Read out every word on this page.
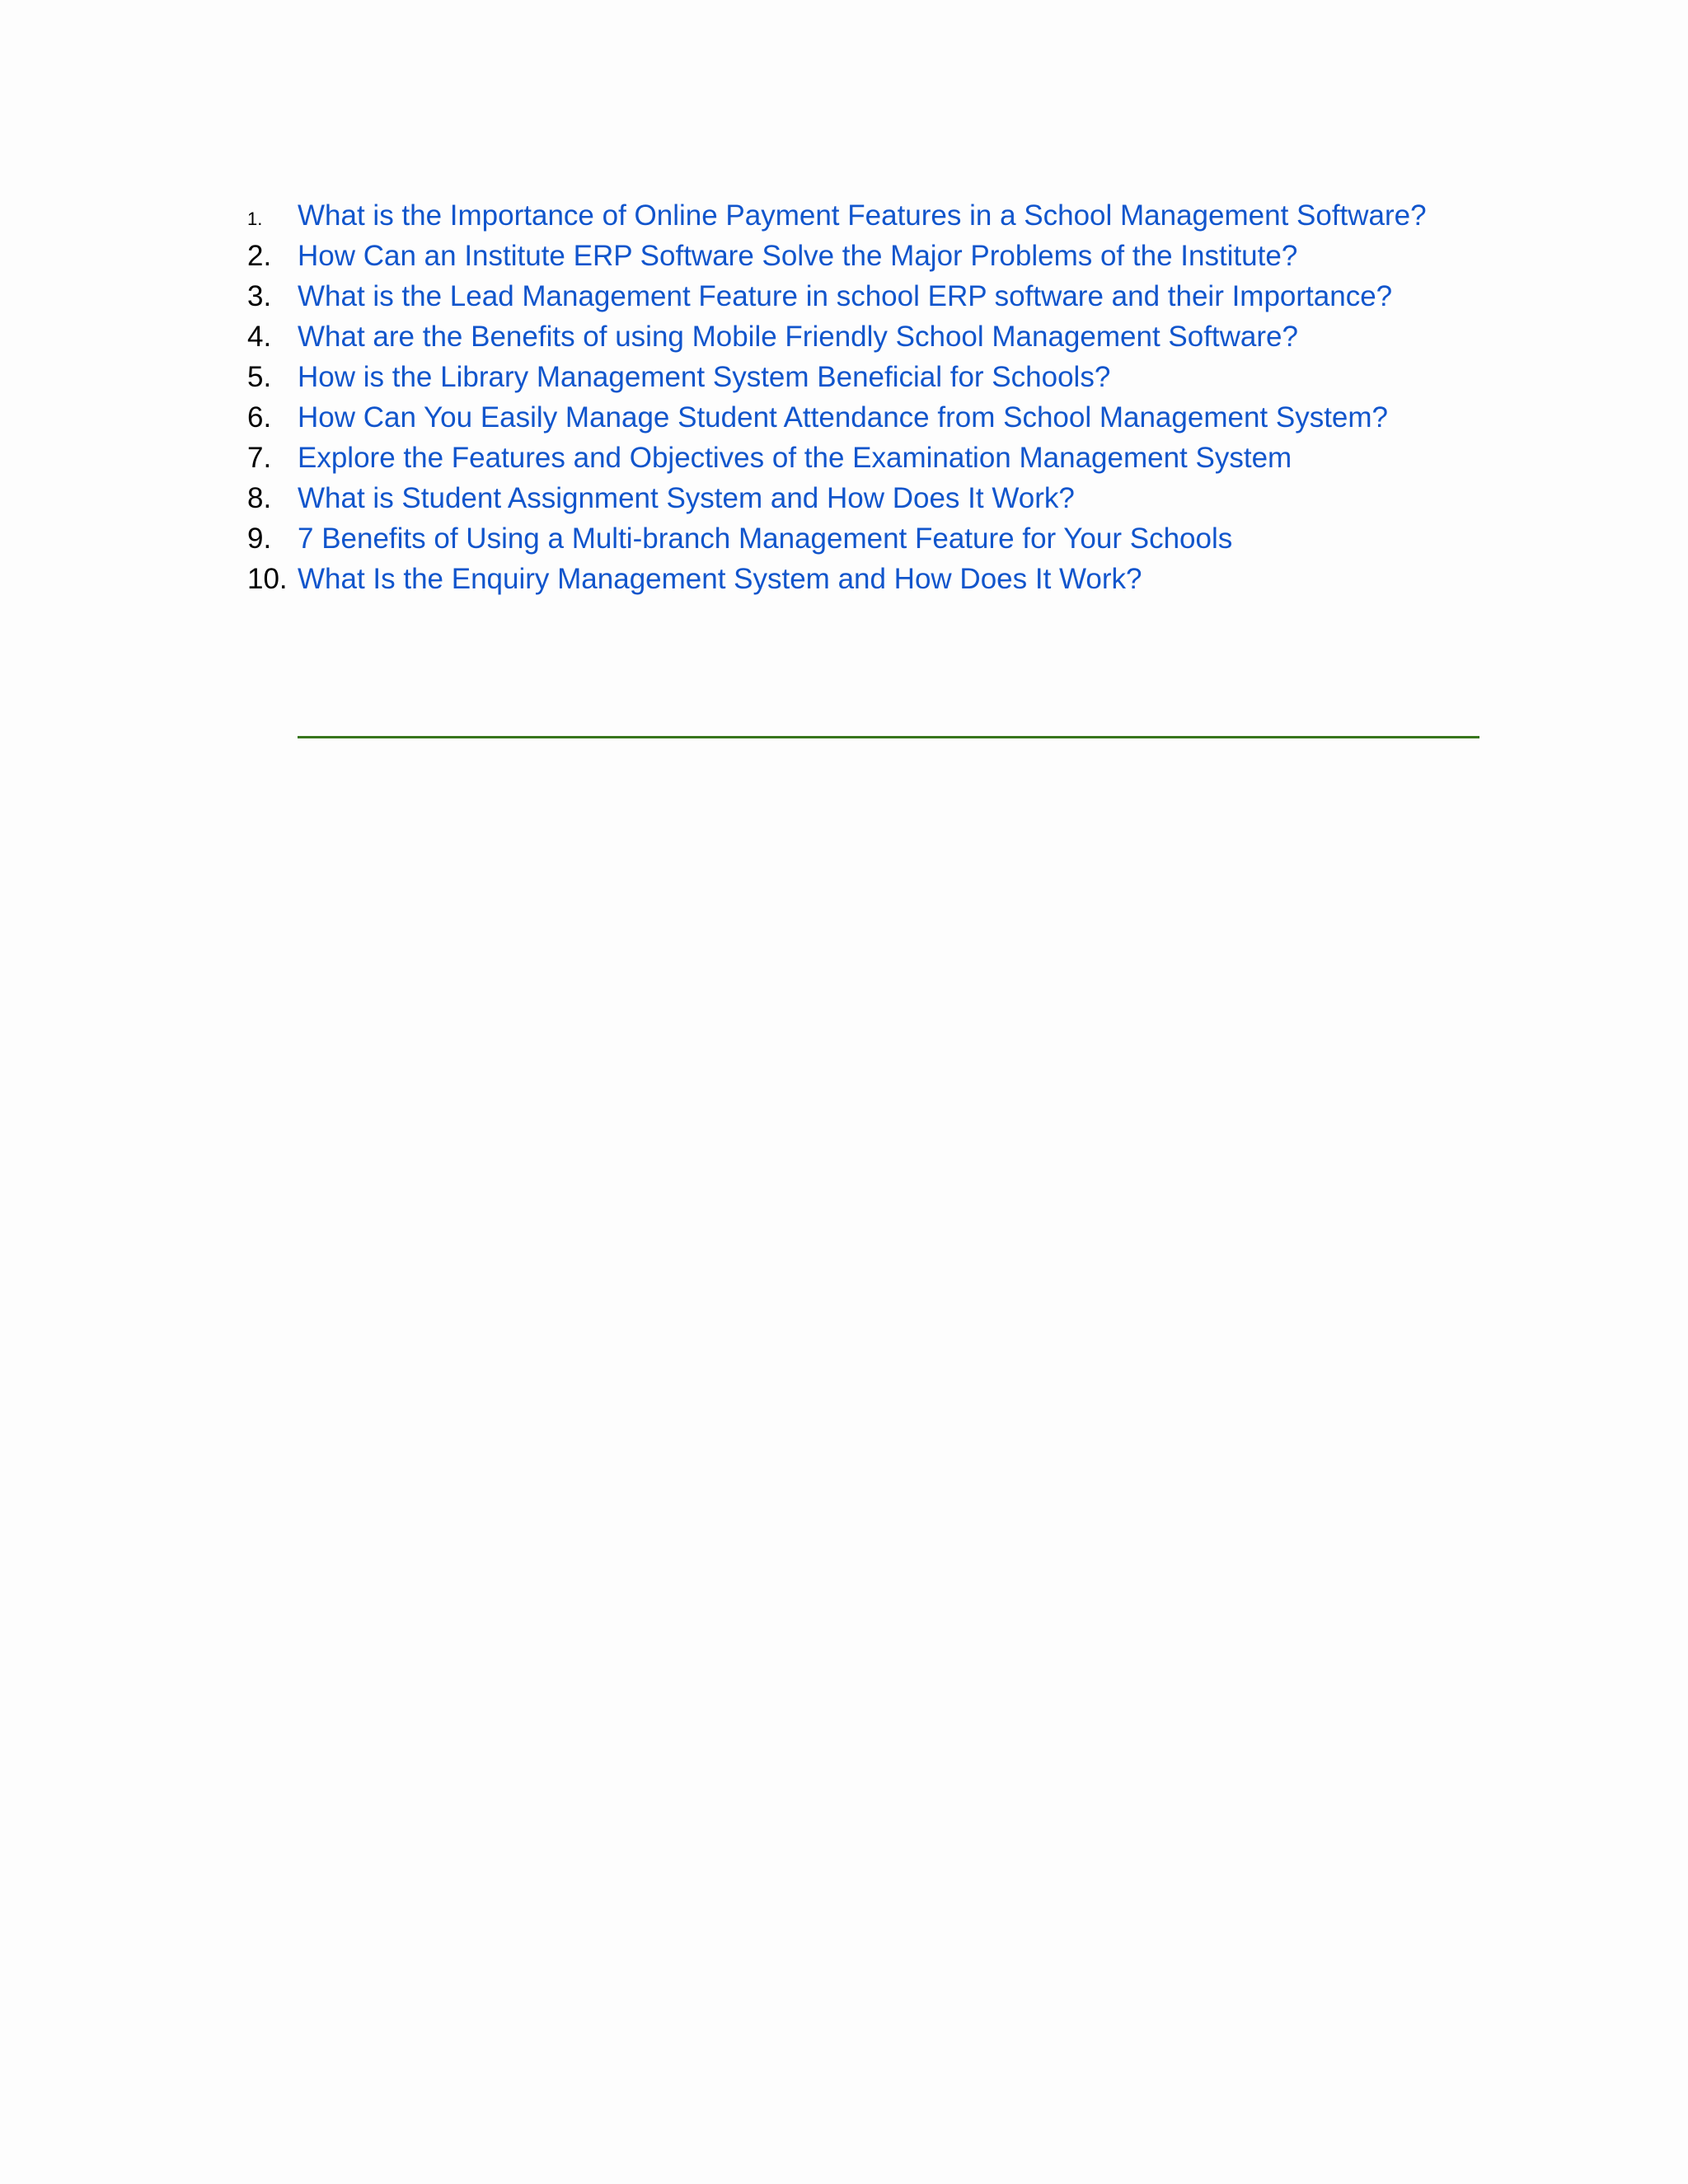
1.	What is the Importance of Online Payment Features in a School Management Software?
2. How Can an Institute ERP Software Solve the Major Problems of the Institute?
3. What is the Lead Management Feature in school ERP software and their Importance?
4. What are the Benefits of using Mobile Friendly School Management Software?
5. How is the Library Management System Beneficial for Schools?
6. How Can You Easily Manage Student Attendance from School Management System?
7. Explore the Features and Objectives of the Examination Management System
8. What is Student Assignment System and How Does It Work?
9. 7 Benefits of Using a Multi-branch Management Feature for Your Schools
10. What Is the Enquiry Management System and How Does It Work?
